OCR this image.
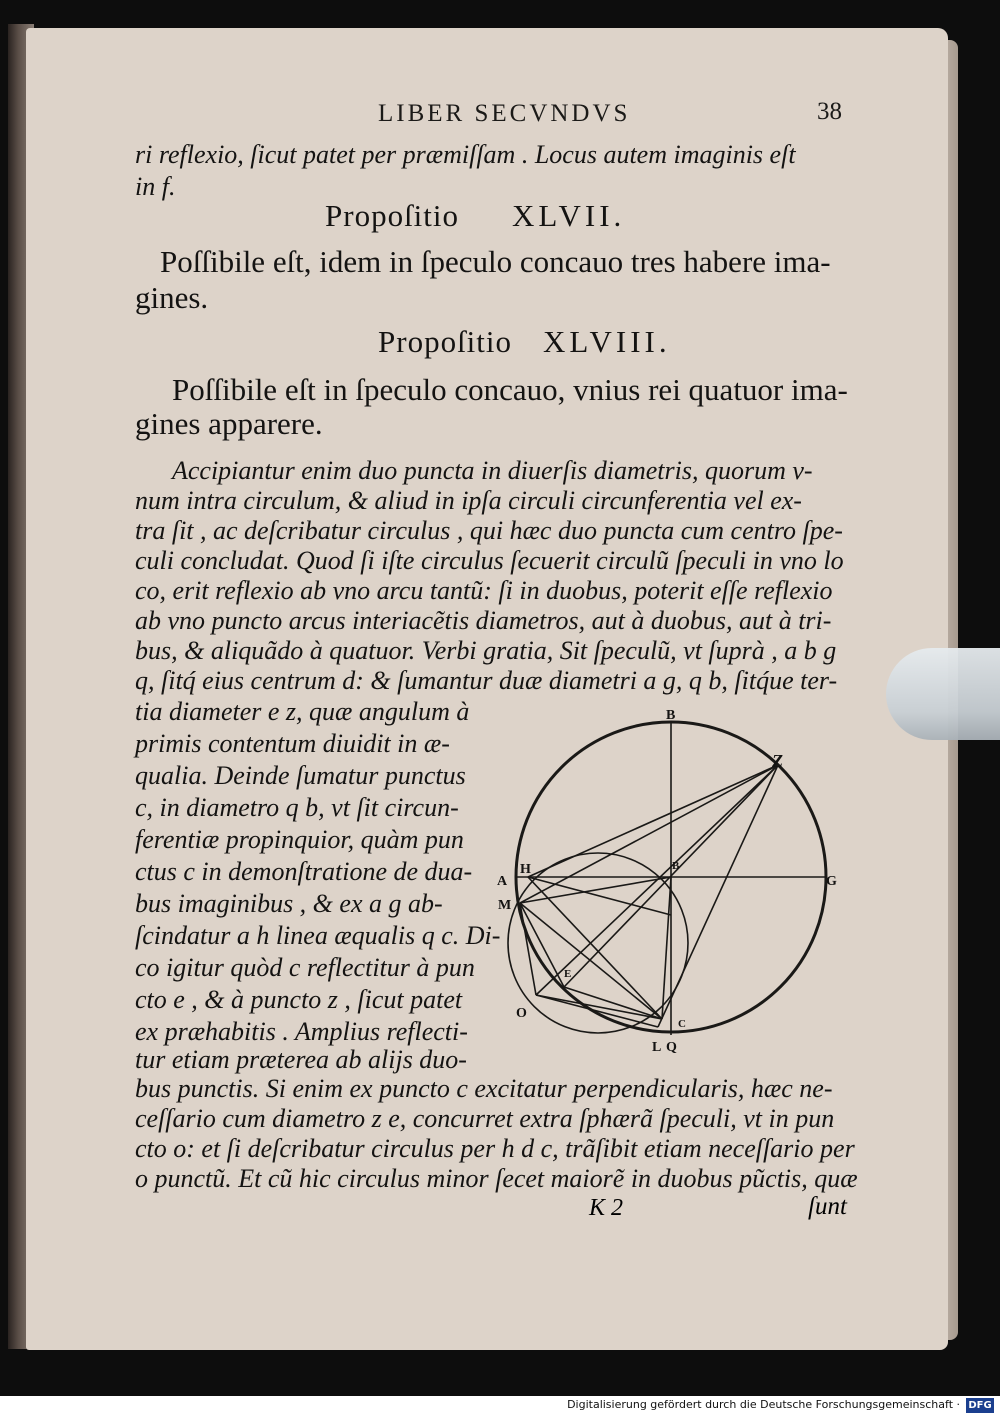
LIBER SECVNDVS	38
ri reflexio, ſicut patet per præmiſſam . Locus autem imaginis eſt
in f.
Propoſitio XLVII.
Poſſibile eſt, idem in ſpeculo concauo tres habere ima-
gines.
Propoſitio XLVIII.
Poſſibile eſt in ſpeculo concauo, vnius rei quatuor ima-
gines apparere.
Accipiantur enim duo puncta in diuerſis diametris, quorum v-
num intra circulum, & aliud in ipſa circuli circunferentia vel ex-
tra ſit , ac deſcribatur circulus , qui hæc duo puncta cum centro ſpe-
culi concludat. Quod ſi iſte circulus ſecuerit circulũ ſpeculi in vno lo
co, erit reflexio ab vno arcu tantũ: ſi in duobus, poterit eſſe reflexio
ab vno puncto arcus interiacẽtis diametros, aut à duobus, aut à tri-
bus, & aliquãdo à quatuor. Verbi gratia, Sit ſpeculũ, vt ſuprà , a b g
q, ſitq́ eius centrum d: & ſumantur duæ diametri a g, q b, ſitq́ue ter-
tia diameter e z, quæ angulum à
primis contentum diuidit in æ-
qualia. Deinde ſumatur punctus
c, in diametro q b, vt ſit circun-
ferentiæ propinquior, quàm pun
ctus c in demonſtratione de dua-
bus imaginibus , & ex a g ab-
ſcindatur a h linea æqualis q c. Di-
co igitur quòd c reflectitur à pun
cto e , & à puncto z , ſicut patet
ex præhabitis . Amplius reflecti-
tur etiam præterea ab alijs duo-
bus punctis. Si enim ex puncto c excitatur perpendicularis, hæc ne-
ceſſario cum diametro z e, concurret extra ſphærã ſpeculi, vt in pun
cto o: et ſi deſcribatur circulus per h d c, trãſibit etiam neceſſario per
o punctũ. Et cũ hic circulus minor ſecet maiorẽ in duobus pũctis, quæ
K 2	ſunt
B
Z
H
A
M
B
G
E
O
C
L Q
Digitalisierung gefördert durch die Deutsche Forschungsgemeinschaft · DFG
